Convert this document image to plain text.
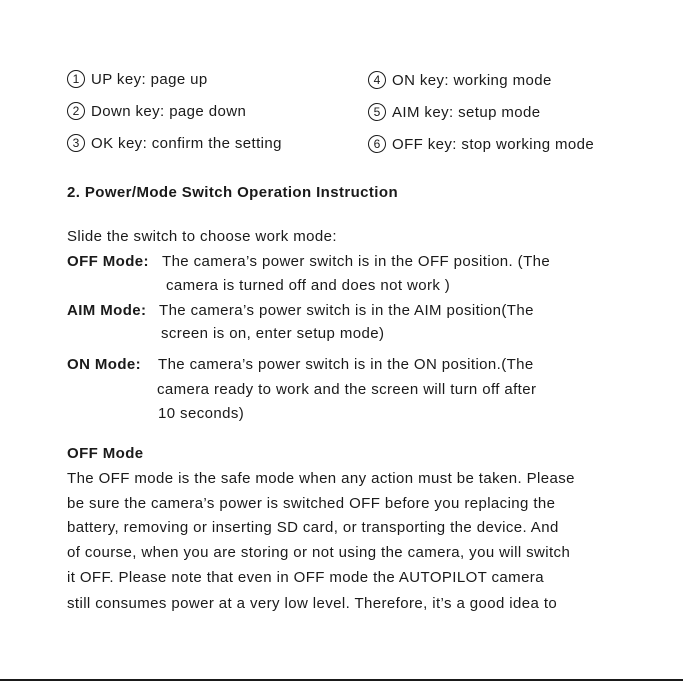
1 UP key: page up
2 Down key: page down
3 OK key: confirm the setting
4 ON key: working mode
5 AIM key: setup mode
6 OFF key: stop working mode
2. Power/Mode Switch Operation Instruction
Slide the switch to choose work mode:
OFF Mode: The camera’s power switch is in the OFF position. (The
camera is turned off and does not work )
AIM Mode: The camera’s power switch is in the AIM position(The
screen is on, enter setup mode)
ON Mode: The camera’s power switch is in the ON position.(The
camera ready to work and the screen will turn off after
10 seconds)
OFF Mode
The OFF mode is the safe mode when any action must be taken. Please
be sure the camera’s power is switched OFF before you replacing the
battery, removing or inserting SD card, or transporting the device. And
of course, when you are storing or not using the camera, you will switch
it OFF. Please note that even in OFF mode the AUTOPILOT camera
still consumes power at a very low level. Therefore, it’s a good idea to
